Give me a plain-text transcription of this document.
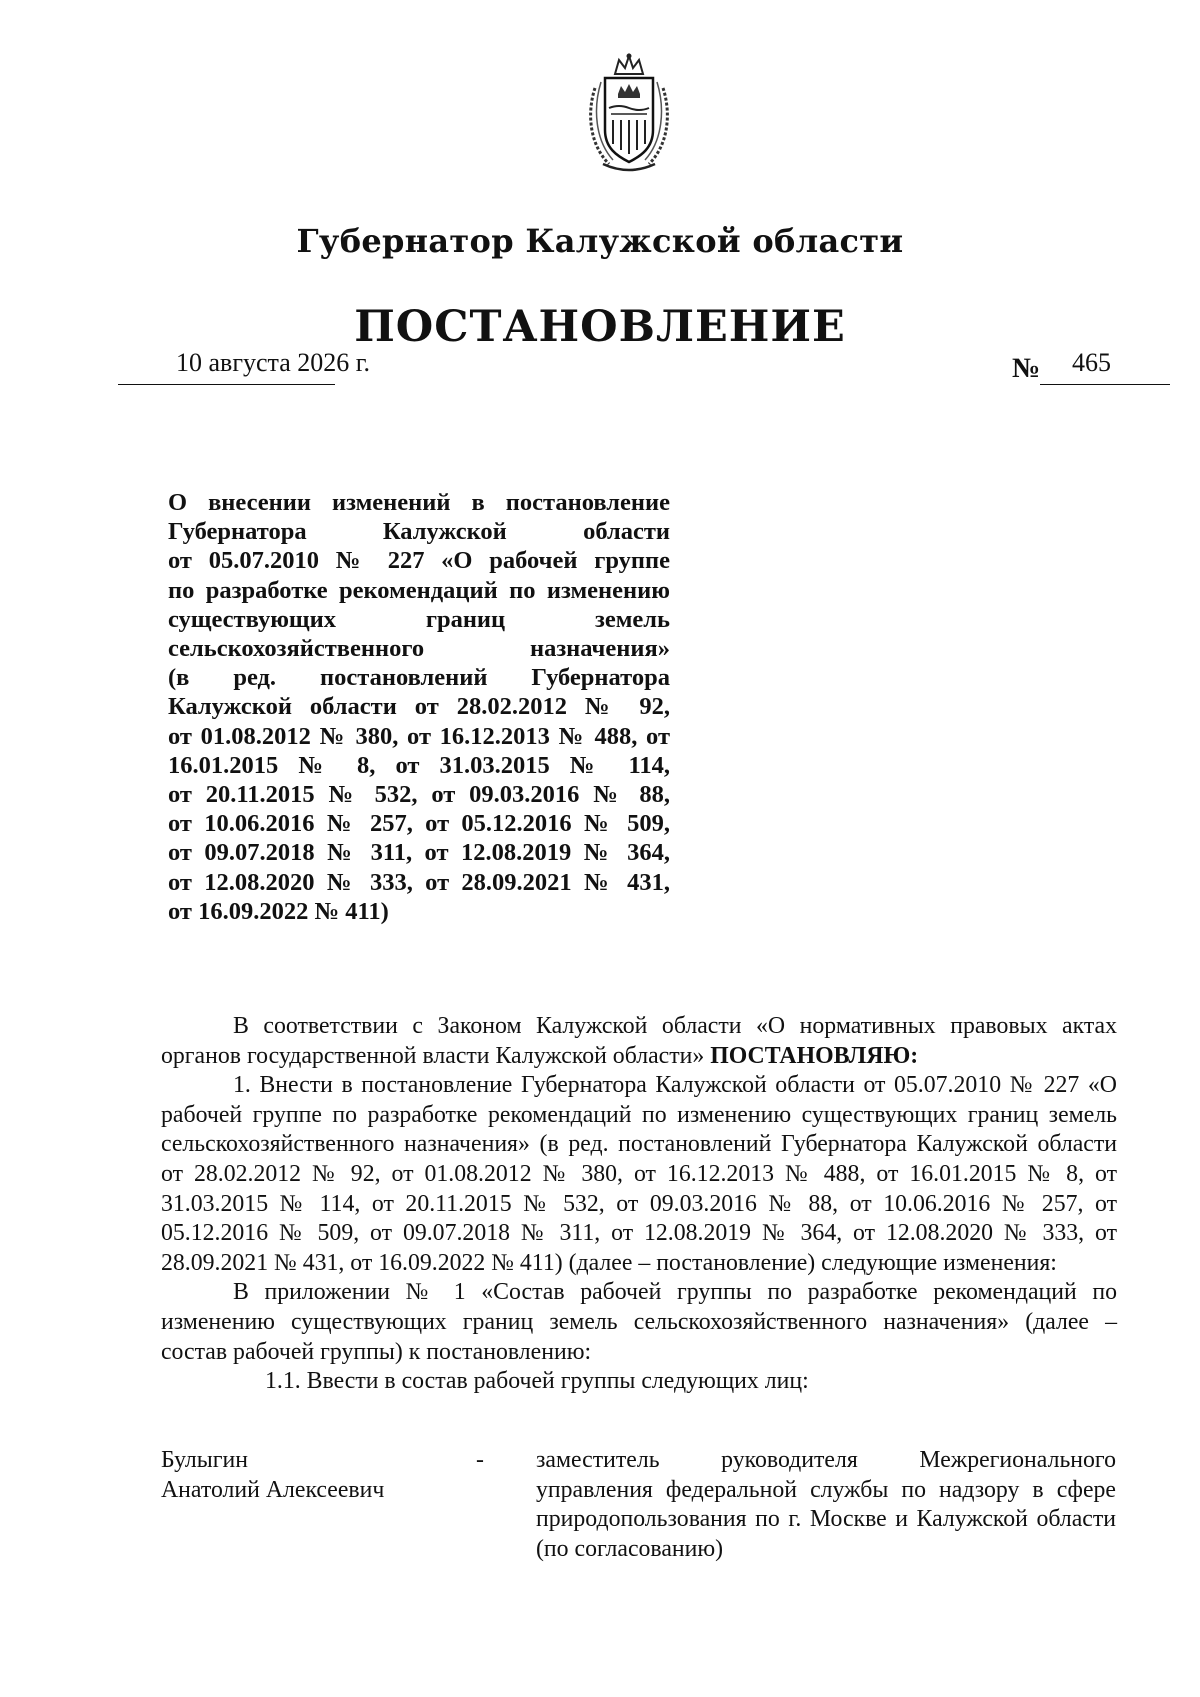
Губернатор Калужской области
ПОСТАНОВЛЕНИЕ
10 августа 2026 г.	№ 465
О внесении изменений в постановление
Губернатора Калужской области
от 05.07.2010 № 227 «О рабочей группе
по разработке рекомендаций по изменению
существующих границ земель
сельскохозяйственного назначения»
(в ред. постановлений Губернатора
Калужской области от 28.02.2012 № 92,
от 01.08.2012 № 380, от 16.12.2013 № 488, от
16.01.2015 № 8, от 31.03.2015 № 114,
от 20.11.2015 № 532, от 09.03.2016 № 88,
от 10.06.2016 № 257, от 05.12.2016 № 509,
от 09.07.2018 № 311, от 12.08.2019 № 364,
от 12.08.2020 № 333, от 28.09.2021 № 431,
от 16.09.2022 № 411)

В соответствии с Законом Калужской области «О нормативных правовых актах органов государственной власти Калужской области» ПОСТАНОВЛЯЮ:

1. Внести в постановление Губернатора Калужской области от 05.07.2010 № 227 «О рабочей группе по разработке рекомендаций по изменению существующих границ земель сельскохозяйственного назначения» (в ред. постановлений Губернатора Калужской области от 28.02.2012 № 92, от 01.08.2012 № 380, от 16.12.2013 № 488, от 16.01.2015 № 8, от 31.03.2015 № 114, от 20.11.2015 № 532, от 09.03.2016 № 88, от 10.06.2016 № 257, от 05.12.2016 № 509, от 09.07.2018 № 311, от 12.08.2019 № 364, от 12.08.2020 № 333, от 28.09.2021 № 431, от 16.09.2022 № 411) (далее – постановление) следующие изменения:

В приложении № 1 «Состав рабочей группы по разработке рекомендаций по изменению существующих границ земель сельскохозяйственного назначения» (далее – состав рабочей группы) к постановлению:

1.1. Ввести в состав рабочей группы следующих лиц:

Булыгин
Анатолий Алексеевич
- заместитель руководителя Межрегионального управления федеральной службы по надзору в сфере природопользования по г. Москве и Калужской области (по согласованию)
